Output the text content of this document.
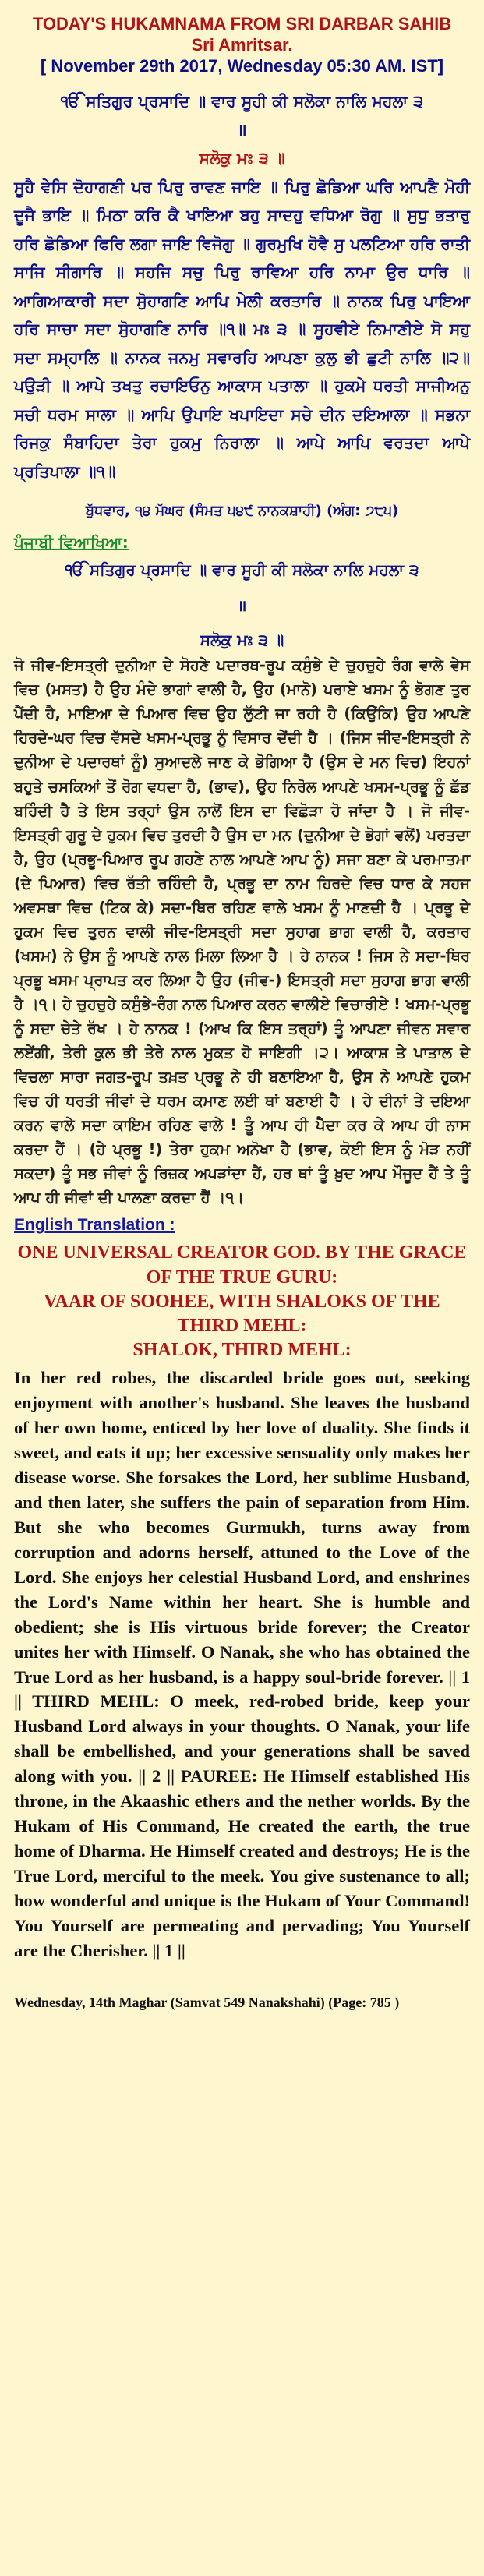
TODAY'S HUKAMNAMA FROM SRI DARBAR SAHIB
Sri Amritsar.
[ November 29th 2017, Wednesday 05:30 AM. IST]
ੴ ਸਤਿਗੁਰ ਪ੍ਰਸਾਦਿ ॥ ਵਾਰ ਸੂਹੀ ਕੀ ਸਲੋਕਾ ਨਾਲਿ ਮਹਲਾ ੩
॥
ਸਲੋਕੁ ਮਃ ੩ ॥
ਸੂਹੈ ਵੇਸਿ ਦੋਹਾਗਣੀ ਪਰ ਪਿਰੁ ਰਾਵਣ ਜਾਇ ॥ ਪਿਰੁ ਛੋਡਿਆ ਘਰਿ ਆਪਣੈ ਮੋਹੀ ਦੂਜੈ ਭਾਇ ॥ ਮਿਠਾ ਕਰਿ ਕੈ ਖਾਇਆ ਬਹੁ ਸਾਦਹੁ ਵਧਿਆ ਰੋਗੁ ॥ ਸੁਧੁ ਭਤਾਰੁ ਹਰਿ ਛੋਡਿਆ ਫਿਰਿ ਲਗਾ ਜਾਇ ਵਿਜੋਗੁ ॥ ਗੁਰਮੁਖਿ ਹੋਵੈ ਸੁ ਪਲਟਿਆ ਹਰਿ ਰਾਤੀ ਸਾਜਿ ਸੀਗਾਰਿ ॥ ਸਹਜਿ ਸਚੁ ਪਿਰੁ ਰਾਵਿਆ ਹਰਿ ਨਾਮਾ ਉਰ ਧਾਰਿ ॥ ਆਗਿਆਕਾਰੀ ਸਦਾ ਸੋੁਹਾਗਣਿ ਆਪਿ ਮੇਲੀ ਕਰਤਾਰਿ ॥ ਨਾਨਕ ਪਿਰੁ ਪਾਇਆ ਹਰਿ ਸਾਚਾ ਸਦਾ ਸੋੁਹਾਗਣਿ ਨਾਰਿ ॥੧॥ ਮਃ ੩ ॥ ਸੂਹਵੀਏ ਨਿਮਾਣੀਏ ਸੋ ਸਹੁ ਸਦਾ ਸਮ੍ਹਾਲਿ ॥ ਨਾਨਕ ਜਨਮੁ ਸਵਾਰਹਿ ਆਪਣਾ ਕੁਲੁ ਭੀ ਛੁਟੀ ਨਾਲਿ ॥੨॥ ਪਉੜੀ ॥ ਆਪੇ ਤਖਤੁ ਰਚਾਇਓਨੁ ਆਕਾਸ ਪਤਾਲਾ ॥ ਹੁਕਮੇ ਧਰਤੀ ਸਾਜੀਅਨੁ ਸਚੀ ਧਰਮ ਸਾਲਾ ॥ ਆਪਿ ਉਪਾਇ ਖਪਾਇਦਾ ਸਚੇ ਦੀਨ ਦਇਆਲਾ ॥ ਸਭਨਾ ਰਿਜਕੁ ਸੰਬਾਹਿਦਾ ਤੇਰਾ ਹੁਕਮੁ ਨਿਰਾਲਾ ॥ ਆਪੇ ਆਪਿ ਵਰਤਦਾ ਆਪੇ ਪ੍ਰਤਿਪਾਲਾ ॥੧॥
ਬੁੱਧਵਾਰ, ੧੪ ਮੱਘਰ (ਸੰਮਤ ੫੪੯ ਨਾਨਕਸ਼ਾਹੀ) (ਅੰਗ: ੭੮੫)
ਪੰਜਾਬੀ ਵਿਆਖਿਆ:
ੴ ਸਤਿਗੁਰ ਪ੍ਰਸਾਦਿ ॥ ਵਾਰ ਸੂਹੀ ਕੀ ਸਲੋਕਾ ਨਾਲਿ ਮਹਲਾ ੩
॥
ਸਲੋਕੁ ਮਃ ੩ ॥
ਜੋ ਜੀਵ-ਇਸਤ੍ਰੀ ਦੁਨੀਆ ਦੇ ਸੋਹਣੇ ਪਦਾਰਥ-ਰੂਪ ਕਸੁੰਭੇ ਦੇ ਚੁਹਚੁਹੇ ਰੰਗ ਵਾਲੇ ਵੇਸ ਵਿਚ (ਮਸਤ) ਹੈ ਉਹ ਮੰਦੇ ਭਾਗਾਂ ਵਾਲੀ ਹੈ, ਉਹ (ਮਾਨੋ) ਪਰਾਏ ਖਸਮ ਨੂੰ ਭੋਗਣ ਤੁਰ ਪੈਂਦੀ ਹੈ, ਮਾਇਆ ਦੇ ਪਿਆਰ ਵਿਚ ਉਹ ਲੁੱਟੀ ਜਾ ਰਹੀ ਹੈ (ਕਿਉਂਕਿ) ਉਹ ਆਪਣੇ ਹਿਰਦੇ-ਘਰ ਵਿਚ ਵੱਸਦੇ ਖਸਮ-ਪ੍ਰਭੂ ਨੂੰ ਵਿਸਾਰ ਦੇਂਦੀ ਹੈ । (ਜਿਸ ਜੀਵ-ਇਸਤ੍ਰੀ ਨੇ ਦੁਨੀਆ ਦੇ ਪਦਾਰਥਾਂ ਨੂੰ) ਸੁਆਦਲੇ ਜਾਣ ਕੇ ਭੋਗਿਆ ਹੈ (ਉਸ ਦੇ ਮਨ ਵਿਚ) ਇਹਨਾਂ ਬਹੁਤੇ ਚਸਕਿਆਂ ਤੋਂ ਰੋਗ ਵਧਦਾ ਹੈ, (ਭਾਵ), ਉਹ ਨਿਰੋਲ ਆਪਣੇ ਖਸਮ-ਪ੍ਰਭੂ ਨੂੰ ਛੱਡ ਬਹਿੰਦੀ ਹੈ ਤੇ ਇਸ ਤਰ੍ਹਾਂ ਉਸ ਨਾਲੋਂ ਇਸ ਦਾ ਵਿਛੋੜਾ ਹੋ ਜਾਂਦਾ ਹੈ । ਜੋ ਜੀਵ-ਇਸਤ੍ਰੀ ਗੁਰੂ ਦੇ ਹੁਕਮ ਵਿਚ ਤੁਰਦੀ ਹੈ ਉਸ ਦਾ ਮਨ (ਦੁਨੀਆ ਦੇ ਭੋਗਾਂ ਵਲੋਂ) ਪਰਤਦਾ ਹੈ, ਉਹ (ਪ੍ਰਭੂ-ਪਿਆਰ ਰੂਪ ਗਹਣੇ ਨਾਲ ਆਪਣੇ ਆਪ ਨੂੰ) ਸਜਾ ਬਣਾ ਕੇ ਪਰਮਾਤਮਾ (ਦੇ ਪਿਆਰ) ਵਿਚ ਰੱਤੀ ਰਹਿੰਦੀ ਹੈ, ਪ੍ਰਭੂ ਦਾ ਨਾਮ ਹਿਰਦੇ ਵਿਚ ਧਾਰ ਕੇ ਸਹਜ ਅਵਸਥਾ ਵਿਚ (ਟਿਕ ਕੇ) ਸਦਾ-ਥਿਰ ਰਹਿਣ ਵਾਲੇ ਖਸਮ ਨੂੰ ਮਾਣਦੀ ਹੈ । ਪ੍ਰਭੂ ਦੇ ਹੁਕਮ ਵਿਚ ਤੁਰਨ ਵਾਲੀ ਜੀਵ-ਇਸਤ੍ਰੀ ਸਦਾ ਸੁਹਾਗ ਭਾਗ ਵਾਲੀ ਹੈ, ਕਰਤਾਰ (ਖਸਮ) ਨੇ ਉਸ ਨੂੰ ਆਪਣੇ ਨਾਲ ਮਿਲਾ ਲਿਆ ਹੈ । ਹੇ ਨਾਨਕ ! ਜਿਸ ਨੇ ਸਦਾ-ਥਿਰ ਪ੍ਰਭੂ ਖਸਮ ਪ੍ਰਾਪਤ ਕਰ ਲਿਆ ਹੈ ਉਹ (ਜੀਵ-) ਇਸਤ੍ਰੀ ਸਦਾ ਸੁਹਾਗ ਭਾਗ ਵਾਲੀ ਹੈ ।੧। ਹੇ ਚੁਹਚੁਹੇ ਕਸੁੰਭੇ-ਰੰਗ ਨਾਲ ਪਿਆਰ ਕਰਨ ਵਾਲੀਏ ਵਿਚਾਰੀਏ ! ਖਸਮ-ਪ੍ਰਭੂ ਨੂੰ ਸਦਾ ਚੇਤੇ ਰੱਖ । ਹੇ ਨਾਨਕ ! (ਆਖ ਕਿ ਇਸ ਤਰ੍ਹਾਂ) ਤੂੰ ਆਪਣਾ ਜੀਵਨ ਸਵਾਰ ਲਏਂਗੀ, ਤੇਰੀ ਕੁਲ ਭੀ ਤੇਰੇ ਨਾਲ ਮੁਕਤ ਹੋ ਜਾਇਗੀ ।੨। ਆਕਾਸ਼ ਤੇ ਪਾਤਾਲ ਦੇ ਵਿਚਲਾ ਸਾਰਾ ਜਗਤ-ਰੂਪ ਤਖ਼ਤ ਪ੍ਰਭੂ ਨੇ ਹੀ ਬਣਾਇਆ ਹੈ, ਉਸ ਨੇ ਆਪਣੇ ਹੁਕਮ ਵਿਚ ਹੀ ਧਰਤੀ ਜੀਵਾਂ ਦੇ ਧਰਮ ਕਮਾਣ ਲਈ ਥਾਂ ਬਣਾਈ ਹੈ । ਹੇ ਦੀਨਾਂ ਤੇ ਦਇਆ ਕਰਨ ਵਾਲੇ ਸਦਾ ਕਾਇਮ ਰਹਿਣ ਵਾਲੇ ! ਤੂੰ ਆਪ ਹੀ ਪੈਦਾ ਕਰ ਕੇ ਆਪ ਹੀ ਨਾਸ ਕਰਦਾ ਹੈਂ । (ਹੇ ਪ੍ਰਭੂ !) ਤੇਰਾ ਹੁਕਮ ਅਨੋਖਾ ਹੈ (ਭਾਵ, ਕੋਈ ਇਸ ਨੂੰ ਮੋੜ ਨਹੀਂ ਸਕਦਾ) ਤੂੰ ਸਭ ਜੀਵਾਂ ਨੂੰ ਰਿਜ਼ਕ ਅਪੜਾਂਦਾ ਹੈਂ, ਹਰ ਥਾਂ ਤੂੰ ਖ਼ੁਦ ਆਪ ਮੌਜੂਦ ਹੈਂ ਤੇ ਤੂੰ ਆਪ ਹੀ ਜੀਵਾਂ ਦੀ ਪਾਲਣਾ ਕਰਦਾ ਹੈਂ ।੧।
English Translation :
ONE UNIVERSAL CREATOR GOD. BY THE GRACE OF THE TRUE GURU:
VAAR OF SOOHEE, WITH SHALOKS OF THE THIRD MEHL:
SHALOK, THIRD MEHL:
In her red robes, the discarded bride goes out, seeking enjoyment with another's husband. She leaves the husband of her own home, enticed by her love of duality. She finds it sweet, and eats it up; her excessive sensuality only makes her disease worse. She forsakes the Lord, her sublime Husband, and then later, she suffers the pain of separation from Him. But she who becomes Gurmukh, turns away from corruption and adorns herself, attuned to the Love of the Lord. She enjoys her celestial Husband Lord, and enshrines the Lord's Name within her heart. She is humble and obedient; she is His virtuous bride forever; the Creator unites her with Himself. O Nanak, she who has obtained the True Lord as her husband, is a happy soul-bride forever. || 1 || THIRD MEHL: O meek, red-robed bride, keep your Husband Lord always in your thoughts. O Nanak, your life shall be embellished, and your generations shall be saved along with you. || 2 || PAUREE: He Himself established His throne, in the Akaashic ethers and the nether worlds. By the Hukam of His Command, He created the earth, the true home of Dharma. He Himself created and destroys; He is the True Lord, merciful to the meek. You give sustenance to all; how wonderful and unique is the Hukam of Your Command! You Yourself are permeating and pervading; You Yourself are the Cherisher. || 1 ||
Wednesday, 14th Maghar (Samvat 549 Nanakshahi) (Page: 785 )
